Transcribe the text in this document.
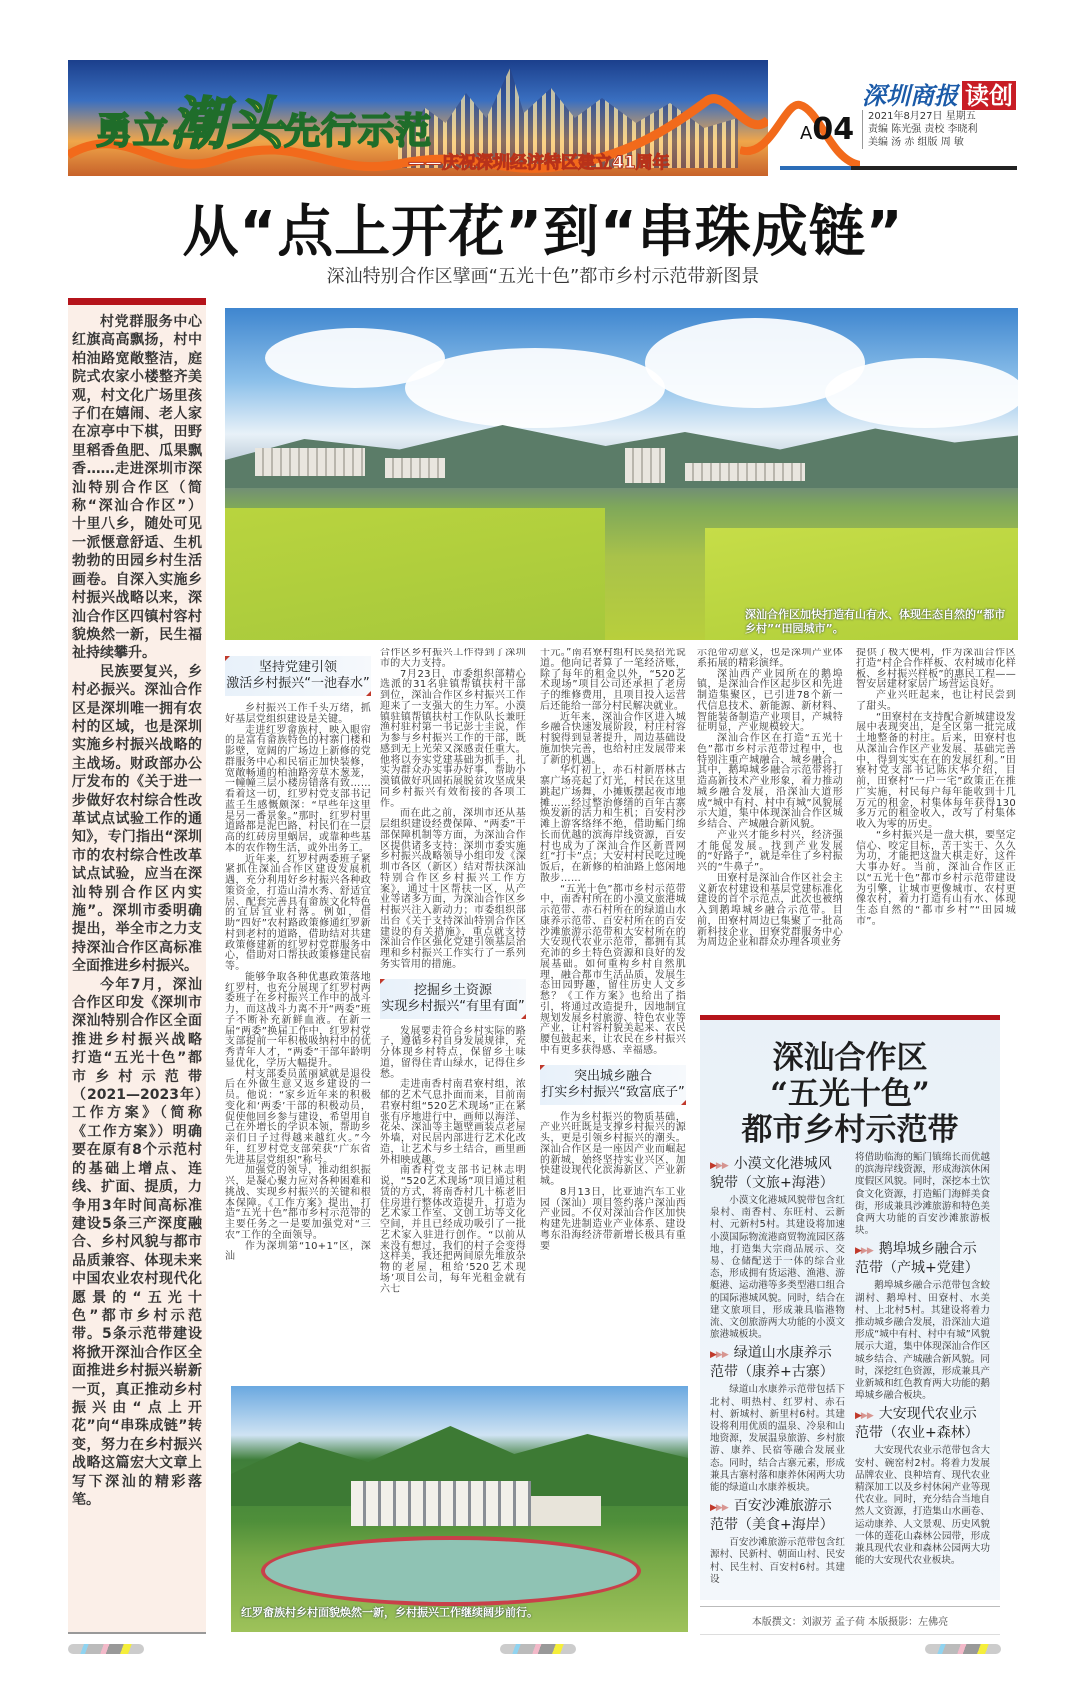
勇立潮头先行示范
——庆祝深圳经济特区建立41周年
深圳商报 读创
A04 2021年8月27日 星期五
责编 陈光强 责校 李晓利
美编 汤 赤 组版 周 敏
从“点上开花”到“串珠成链”
深汕特别合作区擘画“五光十色”都市乡村示范带新图景

村党群服务中心红旗高高飘扬，村中柏油路宽敞整洁，庭院式农家小楼整齐美观，村文化广场里孩子们在嬉闹、老人家在凉亭中下棋，田野里稻香鱼肥、瓜果飘香……走进深圳市深汕特别合作区（简称“深汕合作区”）十里八乡，随处可见一派惬意舒适、生机勃勃的田园乡村生活画卷。自深入实施乡村振兴战略以来，深汕合作区四镇村容村貌焕然一新，民生福祉持续攀升。

民族要复兴，乡村必振兴。深汕合作区是深圳唯一拥有农村的区域，也是深圳实施乡村振兴战略的主战场。财政部办公厅发布的《关于进一步做好农村综合性改革试点试验工作的通知》，专门指出“深圳市的农村综合性改革试点试验，应当在深汕特别合作区内实施”。深圳市委明确提出，举全市之力支持深汕合作区高标准全面推进乡村振兴。

今年7月，深汕合作区印发《深圳市深汕特别合作区全面推进乡村振兴战略 打造“五光十色”都市乡村示范带（2021—2023年）工作方案》（简称《工作方案》）明确要在原有8个示范村的基础上增点、连线、扩面、提质，力争用3年时间高标准建设5条三产深度融合、乡村风貌与都市品质兼容、体现未来中国农业农村现代化愿景的“五光十色”都市乡村示范带。5条示范带建设将掀开深汕合作区全面推进乡村振兴崭新一页，真正推动乡村振兴由“点上开花”向“串珠成链”转变，努力在乡村振兴战略这篇宏大文章上写下深汕的精彩落笔。

深汕合作区加快打造有山有水、体现生态自然的“都市乡村”“田园城市”。
坚持党建引领
激活乡村振兴“一池春水”

乡村振兴工作千头万绪，抓好基层党组织建设是关键。

走进红罗畲族村，映入眼帘的是富有畲族特色的村寨门楼和影壁，宽阔的广场边上新修的党群服务中心和民宿正加快装修，宽敞畅通的柏油路旁草木葱茏，一幢幢三层小楼房错落有致……看着这一切，红罗村党支部书记蓝壬生感慨颇深：“早些年这里是另一番景象。”那时，红罗村里道路都是泥巴路，村民们在一层高的红砖房里蜗居，或靠种些基本的农作物生活，或外出务工。

近年来，红罗村两委班子紧紧抓住深汕合作区建设发展机遇，充分利用好乡村振兴各种政策资金，打造山清水秀、舒适宜居、配套完善具有畲族文化特色的宜居宜业村落。例如，借助“四好”农村路政策修通红罗新村到老村的道路，借助结对共建政策修建新的红罗村党群服务中心，借助对口帮扶政策修建民宿等。

能够争取各种优惠政策落地红罗村，也充分展现了红罗村两委班子在乡村振兴工作中的战斗力，而这战斗力离不开“两委”班子不断补充新鲜血液。在新一届“两委”换届工作中，红罗村党支部提前一年积极吸纳村中的优秀青年人才，“两委”干部年龄明显优化，学历大幅提升。

村支部委员蓝丽斌就是退役后在外做生意又返乡建设的一员。他说：“家乡近年来的积极变化和‘两委’干部的积极动员，促使他回乡参与建设，希望用自己在外增长的学识本领，帮助乡亲们日子过得越来越红火。”今年，红罗村党支部荣获“广东省先进基层党组织”称号。

加强党的领导，推动组织振兴，是凝心聚力应对各种困难和挑战、实现乡村振兴的关键和根本保障。《工作方案》提出，打造“五光十色”都市乡村示范带的主要任务之一是要加强党对“三农”工作的全面领导。

作为深圳第“10+1”区，深汕

合作区乡村振兴工作得到了深圳市的大力支持。

7月23日，市委组织部精心选派的31名驻镇帮镇扶村干部到位，深汕合作区乡村振兴工作迎来了一支强大的生力军。小漠镇驻镇帮镇扶村工作队队长兼旺渔村驻村第一书记彭士圭说，作为参与乡村振兴工作的干部，既感到无上光荣又深感责任重大。他将以夯实党建基础为抓手，扎实为群众办实事办好事，帮助小漠镇做好巩固拓展脱贫攻坚成果同乡村振兴有效衔接的各项工作。

而在此之前，深圳市还从基层组织建设经费保障、“两委”干部保障机制等方面，为深汕合作区提供诸多支持：深圳市委实施乡村振兴战略领导小组印发《深圳市各区（新区）结对帮扶深汕特别合作区乡村振兴工作方案》，通过十区帮扶一区，从产业等诸多方面，为深汕合作区乡村振兴注入新动力；市委组织部出台《关于支持深汕特别合作区建设的有关措施》，重点就支持深汕合作区强化党建引领基层治理和乡村振兴工作实行了一系列务实管用的措施。

挖掘乡土资源
实现乡村振兴“有里有面”

发展要走符合乡村实际的路子，遵循乡村自身发展规律，充分体现乡村特点，保留乡土味道，留得住青山绿水，记得住乡愁。

走进南香村南君寮村组，浓郁的艺术气息扑面而来，目前南君寮村组“520艺术现场”正在紧张有序地进行中，画师以海洋、花朵、深汕等主题壁画装点老屋外墙，对民居内部进行艺术化改造，让艺术与乡土结合，画里画外相映成趣。

南香村党支部书记林志明说，“520艺术现场”项目通过租赁的方式，将南香村几十栋老旧住房进行整体改造提升，打造为艺术家工作室、文创工坊等文化空间，并且已经成功吸引了一批艺术家入驻进行创作。“以前从来没有想过，我们的村子会变得这样美，我还把两间原先堆放杂物的老屋，租给‘520艺术现场’项目公司，每年光租金就有六七

千元。”南君寮村组村民莫招光说道。他向记者算了一笔经济账，除了每年的租金以外，“520艺术现场”项目公司还承担了老房子的维修费用，且项目投入运营后还能给一部分村民解决就业。

近年来，深汕合作区进入城乡融合快速发展阶段，村庄村容村貌得到显著提升，周边基础设施加快完善，也给村庄发展带来了新的机遇。

华灯初上，赤石村新厝林古寨广场亮起了灯光，村民在这里跳起广场舞，小摊贩摆起夜市地摊……经过整治修缮的百年古寨焕发新的活力和生机；百安村沙滩上游客络绎不绝，借助鲘门绵长而优越的滨海岸线资源，百安村也成为了深汕合作区新晋网红“打卡”点；大安村村民吃过晚饭后，在新修的柏油路上悠闲地散步……

“五光十色”都市乡村示范带中，南香村所在的小漠文旅港城示范带、赤石村所在的绿道山水康养示范带、百安村所在的百安沙滩旅游示范带和大安村所在的大安现代农业示范带，都拥有其充沛的乡土特色资源和良好的发展基础。如何重构乡村自然肌理，融合都市生活品质，发展生态田园野趣，留住历史人文乡愁？《工作方案》也给出了指引，将通过改造提升，因地制宜规划发展乡村旅游、特色农业等产业，让村容村貌美起来、农民腰包鼓起来，让农民在乡村振兴中有更多获得感、幸福感。

突出城乡融合
打实乡村振兴“致富底子”

作为乡村振兴的物质基础，产业兴旺既是支撑乡村振兴的源头，更是引领乡村振兴的潮头。深汕合作区是一座因产业而崛起的新城，始终坚持实业兴区，加快建设现代化滨海新区、产业新城。

8月13日，比亚迪汽车工业园（深汕）项目签约落户深汕西产业园。不仅对深汕合作区加快构建先进制造业产业体系、建设粤东沿海经济带新增长极具有重要

示范带动意义，也是深圳产业体系拓展的精彩演绎。

深汕西产业园所在的鹅埠镇，是深汕合作区起步区和先进制造集聚区，已引进78个新一代信息技术、新能源、新材料、智能装备制造产业项目，产城特征明显，产业规模较大。

深汕合作区在打造“五光十色”都市乡村示范带过程中，也特别注重产城融合、城乡融合。其中，鹅埠城乡融合示范带将打造高新技术产业形象，着力推动城乡融合发展，沿深汕大道形成“城中有村、村中有城”风貌展示大道，集中体现深汕合作区城乡结合、产城融合新风貌。

产业兴才能乡村兴，经济强才能促发展。找到产业发展的“好路子”，就是牵住了乡村振兴的“牛鼻子”。

田寮村是深汕合作区社会主义新农村建设和基层党建标准化建设的首个示范点，此次也被纳入到鹅埠城乡融合示范带。目前，田寮村周边已集聚了一批高新科技企业，田寮党群服务中心为周边企业和群众办理各项业务

提供了极大便利，作为深汕合作区打造“村企合作样板、农村城市化样板、乡村振兴样板”的惠民工程——智安居建材家居广场营运良好。

产业兴旺起来，也让村民尝到了甜头。

“田寮村在支持配合新城建设发展中表现突出，是全区第一批完成土地整备的村庄。后来，田寮村也从深汕合作区产业发展、基础完善中，得到实实在在的发展红利。”田寮村党支部书记陈庆华介绍，目前，田寮村“一户一宅”政策正在推广实施，村民每户每年能收到十几万元的租金，村集体每年获得130多万元的租金收入，改写了村集体收入为零的历史。

“乡村振兴是一盘大棋，要坚定信心、咬定目标，苦干实干、久久为功，才能把这盘大棋走好，这件大事办好。当前，深汕合作区正以“五光十色”都市乡村示范带建设为引擎，让城市更像城市、农村更像农村，着力打造有山有水、体现生态自然的“都市乡村”“田园城市”。

红罗畲族村乡村面貌焕然一新，乡村振兴工作继续阔步前行。
深汕合作区
“五光十色”
都市乡村示范带
▶▶▶ 小漠文化港城风貌带（文旅+海港）

小漠文化港城风貌带包含红泉村、南香村、东旺村、云新村、元新村5村。其建设将加速小漠国际物流港商贸物流园区落地，打造集大宗商品展示、交易、仓储配送于一体的综合业态，形成拥有货运港、渔港、游艇港、运动港等多类型港口组合的国际港城风貌。同时，结合在建文旅项目，形成兼具临港物流、文创旅游两大功能的小漠文旅港城板块。

▶▶▶ 绿道山水康养示范带（康养+古寨）

绿道山水康养示范带包括下北村、明热村、红罗村、赤石村、新城村、新里村6村。其建设将利用优质的温泉、冷泉和山地资源，发展温泉旅游、乡村旅游、康养、民宿等融合发展业态。同时，结合古寨元素，形成兼具古寨村落和康养休闲两大功能的绿道山水康养板块。

▶▶▶ 百安沙滩旅游示范带（美食+海岸）

百安沙滩旅游示范带包含红源村、民新村、朝面山村、民安村、民生村、百安村6村。其建设

将借助临海的鲘门镇绵长而优越的滨海岸线资源，形成海滨休闲度假区风貌。同时，深挖本土饮食文化资源，打造鲘门海鲜美食街，形成兼具沙滩旅游和特色美食两大功能的百安沙滩旅游板块。

▶▶▶ 鹅埠城乡融合示范带（产城+党建）

鹅埠城乡融合示范带包含蛟湖村、鹅埠村、田寮村、水美村、上北村5村。其建设将着力推动城乡融合发展，沿深汕大道形成“城中有村、村中有城”风貌展示大道，集中体现深汕合作区城乡结合、产城融合新风貌。同时，深挖红色资源，形成兼具产业新城和红色教育两大功能的鹅埠城乡融合板块。

▶▶▶ 大安现代农业示范带（农业+森林）

大安现代农业示范带包含大安村、碗窑村2村。将着力发展品牌农业、良种培育、现代农业精深加工以及乡村休闲产业等现代农业。同时，充分结合当地自然人文资源，打造集山水画卷、运动康养、人文景观、历史风貌一体的莲花山森林公园带，形成兼具现代农业和森林公园两大功能的大安现代农业板块。

本版撰文：刘淑芳 孟子荷 本版摄影：左佛亮
